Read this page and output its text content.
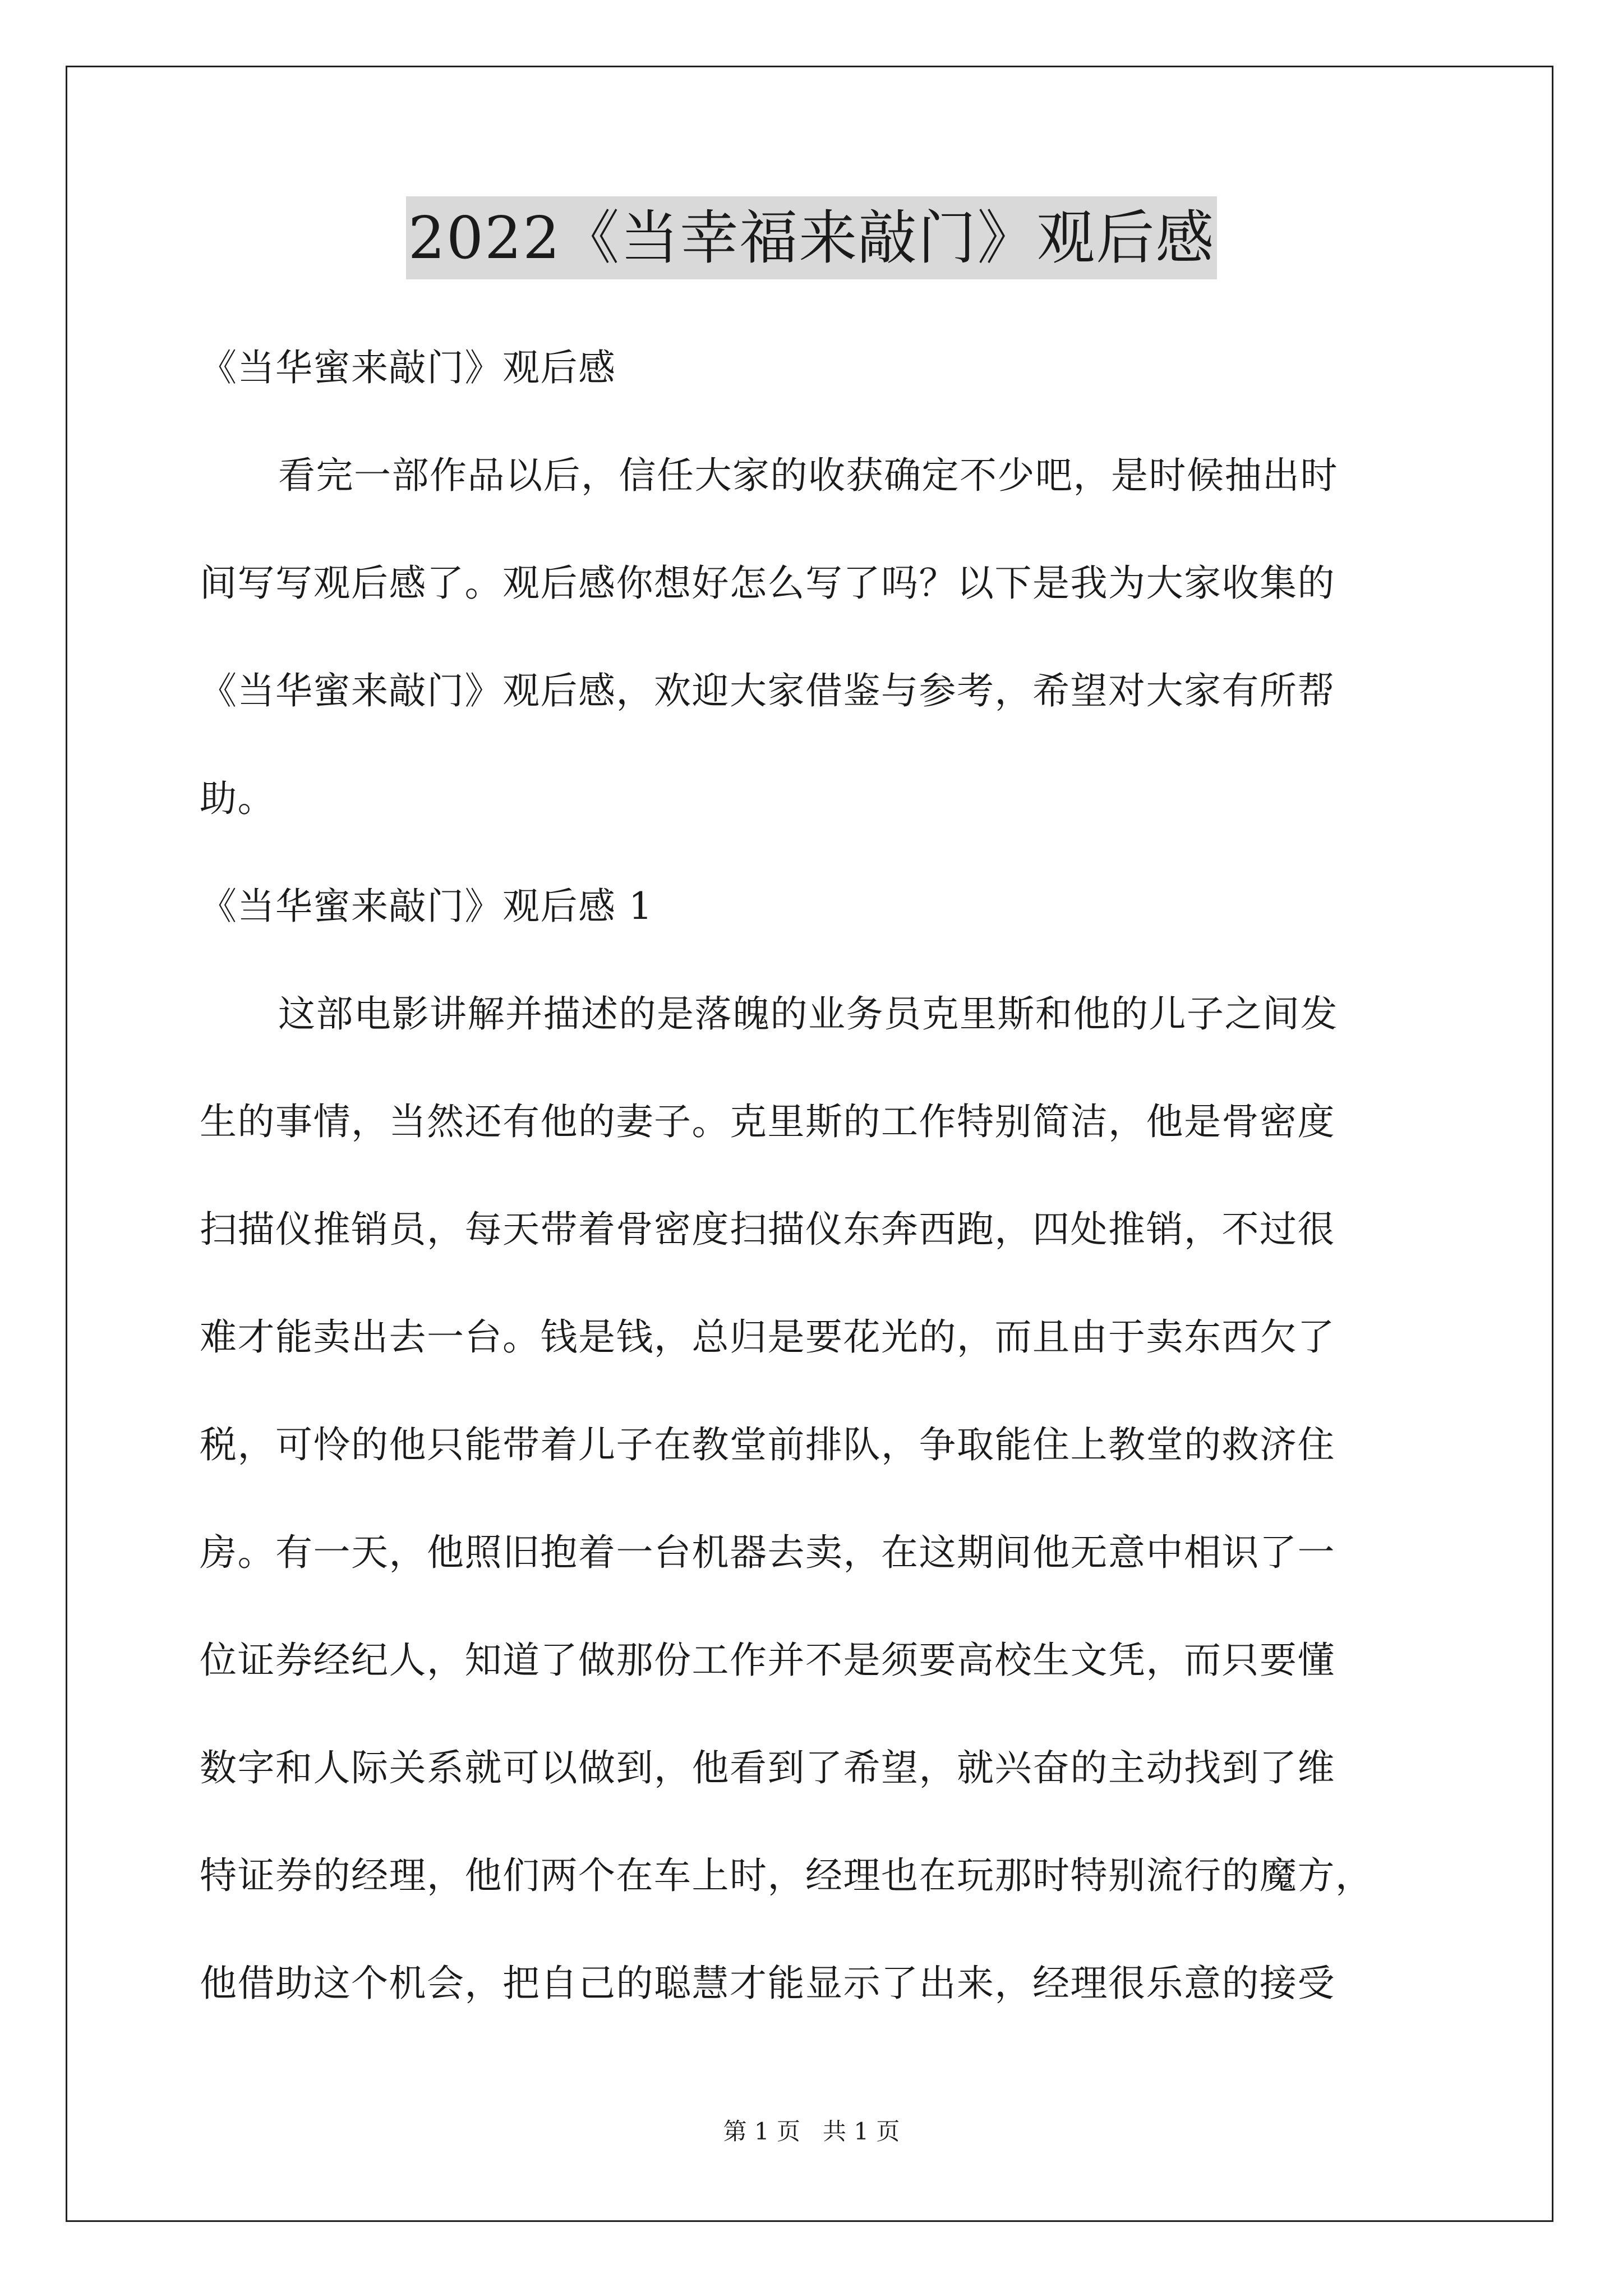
2022《当幸福来敲门》观后感
《当华蜜来敲门》观后感
看完一部作品以后，信任大家的收获确定不少吧，是时候抽出时
间写写观后感了。观后感你想好怎么写了吗？以下是我为大家收集的
《当华蜜来敲门》观后感，欢迎大家借鉴与参考，希望对大家有所帮
助。
《当华蜜来敲门》观后感 1
这部电影讲解并描述的是落魄的业务员克里斯和他的儿子之间发
生的事情，当然还有他的妻子。克里斯的工作特别简洁，他是骨密度
扫描仪推销员，每天带着骨密度扫描仪东奔西跑，四处推销，不过很
难才能卖出去一台。钱是钱，总归是要花光的，而且由于卖东西欠了
税，可怜的他只能带着儿子在教堂前排队，争取能住上教堂的救济住
房。有一天，他照旧抱着一台机器去卖，在这期间他无意中相识了一
位证券经纪人，知道了做那份工作并不是须要高校生文凭，而只要懂
数字和人际关系就可以做到，他看到了希望，就兴奋的主动找到了维
特证券的经理，他们两个在车上时，经理也在玩那时特别流行的魔方，
他借助这个机会，把自己的聪慧才能显示了出来，经理很乐意的接受
第 1 页 共 1 页
